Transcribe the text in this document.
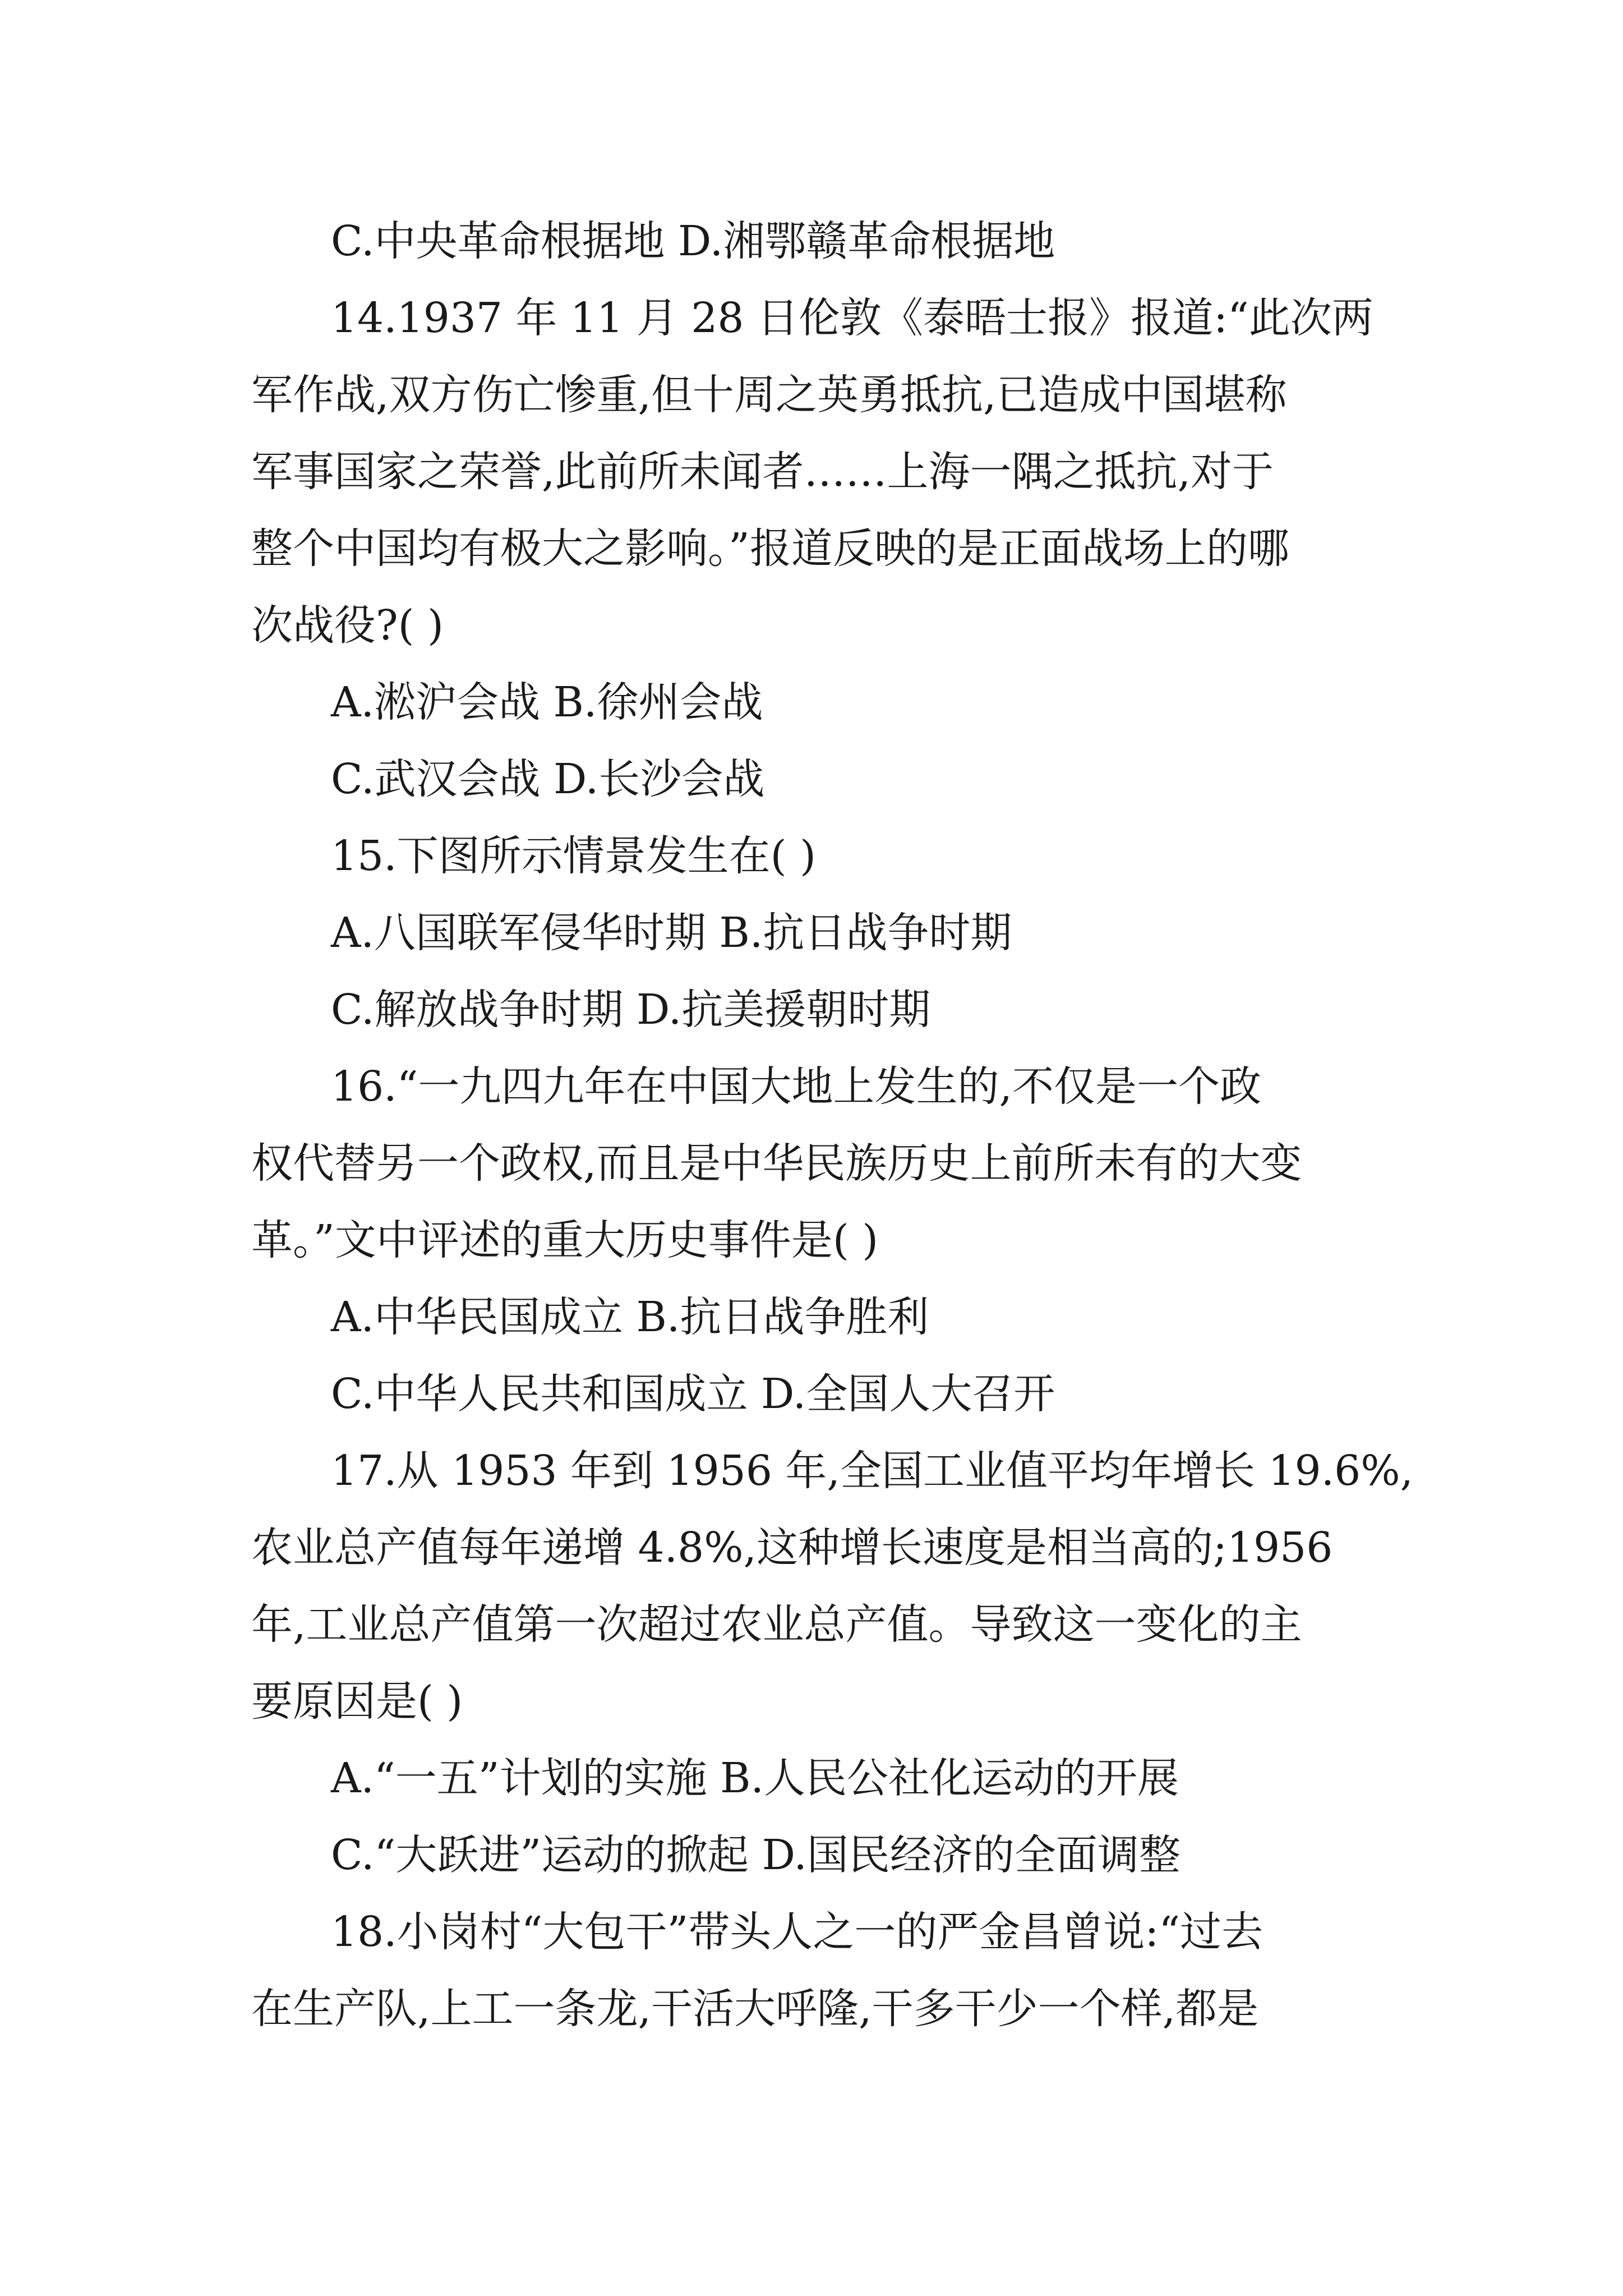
C.中央革命根据地 D.湘鄂赣革命根据地
14.1937 年 11 月 28 日伦敦《泰晤士报》报道:“此次两
军作战,双方伤亡惨重,但十周之英勇抵抗,已造成中国堪称
军事国家之荣誉,此前所未闻者……上海一隅之抵抗,对于
整个中国均有极大之影响。”报道反映的是正面战场上的哪
次战役?( )
A.淞沪会战 B.徐州会战
C.武汉会战 D.长沙会战
15.下图所示情景发生在( )
A.八国联军侵华时期 B.抗日战争时期
C.解放战争时期 D.抗美援朝时期
16.“一九四九年在中国大地上发生的,不仅是一个政
权代替另一个政权,而且是中华民族历史上前所未有的大变
革。”文中评述的重大历史事件是( )
A.中华民国成立 B.抗日战争胜利
C.中华人民共和国成立 D.全国人大召开
17.从 1953 年到 1956 年,全国工业值平均年增长 19.6%,
农业总产值每年递增 4.8%,这种增长速度是相当高的;1956
年,工业总产值第一次超过农业总产值。导致这一变化的主
要原因是( )
A.“一五”计划的实施 B.人民公社化运动的开展
C.“大跃进”运动的掀起 D.国民经济的全面调整
18.小岗村“大包干”带头人之一的严金昌曾说:“过去
在生产队,上工一条龙,干活大呼隆,干多干少一个样,都是
